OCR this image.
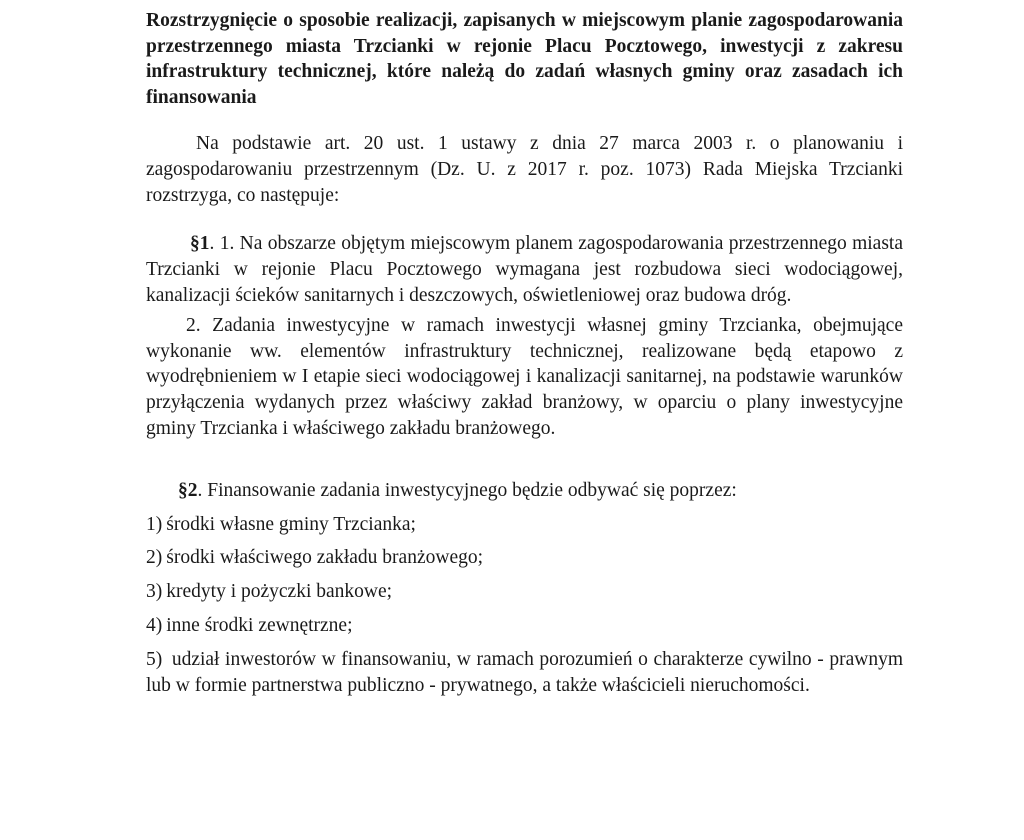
Rozstrzygnięcie o sposobie realizacji, zapisanych w miejscowym planie zagospodarowania przestrzennego miasta Trzcianki w rejonie Placu Pocztowego, inwestycji z zakresu infrastruktury technicznej, które należą do zadań własnych gminy oraz zasadach ich finansowania

Na podstawie art. 20 ust. 1 ustawy z dnia 27 marca 2003 r. o planowaniu i zagospodarowaniu przestrzennym (Dz. U. z 2017 r. poz. 1073) Rada Miejska Trzcianki rozstrzyga, co następuje:

§1. 1. Na obszarze objętym miejscowym planem zagospodarowania przestrzennego miasta Trzcianki w rejonie Placu Pocztowego wymagana jest rozbudowa sieci wodociągowej, kanalizacji ścieków sanitarnych i deszczowych, oświetleniowej oraz budowa dróg.

2. Zadania inwestycyjne w ramach inwestycji własnej gminy Trzcianka, obejmujące wykonanie ww. elementów infrastruktury technicznej, realizowane będą etapowo z wyodrębnieniem w I etapie sieci wodociągowej i kanalizacji sanitarnej, na podstawie warunków przyłączenia wydanych przez właściwy zakład branżowy, w oparciu o plany inwestycyjne gminy Trzcianka i właściwego zakładu branżowego.

§2. Finansowanie zadania inwestycyjnego będzie odbywać się poprzez:

1) środki własne gminy Trzcianka;
2) środki właściwego zakładu branżowego;
3) kredyty i pożyczki bankowe;
4) inne środki zewnętrzne;
5) udział inwestorów w finansowaniu, w ramach porozumień o charakterze cywilno - prawnym lub w formie partnerstwa publiczno - prywatnego, a także właścicieli nieruchomości.
